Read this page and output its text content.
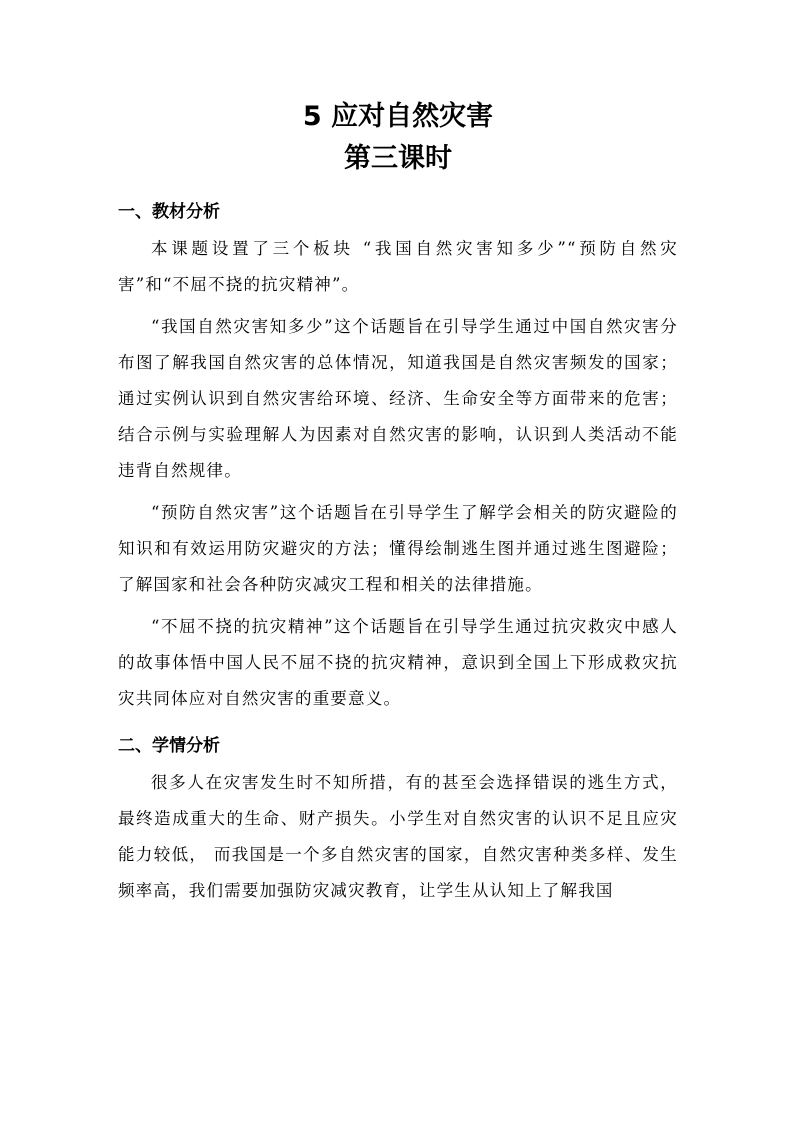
5 应对自然灾害

第三课时

一、教材分析

本课题设置了三个板块 “我国自然灾害知多少”“预防自然灾害”和“不屈不挠的抗灾精神”。

“我国自然灾害知多少”这个话题旨在引导学生通过中国自然灾害分布图了解我国自然灾害的总体情况，知道我国是自然灾害频发的国家；通过实例认识到自然灾害给环境、经济、生命安全等方面带来的危害；结合示例与实验理解人为因素对自然灾害的影响，认识到人类活动不能违背自然规律。

“预防自然灾害”这个话题旨在引导学生了解学会相关的防灾避险的知识和有效运用防灾避灾的方法；懂得绘制逃生图并通过逃生图避险；了解国家和社会各种防灾减灾工程和相关的法律措施。

“不屈不挠的抗灾精神”这个话题旨在引导学生通过抗灾救灾中感人的故事体悟中国人民不屈不挠的抗灾精神，意识到全国上下形成救灾抗灾共同体应对自然灾害的重要意义。

二、学情分析

很多人在灾害发生时不知所措，有的甚至会选择错误的逃生方式，最终造成重大的生命、财产损失。小学生对自然灾害的认识不足且应灾能力较低， 而我国是一个多自然灾害的国家，自然灾害种类多样、发生频率高，我们需要加强防灾减灾教育，让学生从认知上了解我国
